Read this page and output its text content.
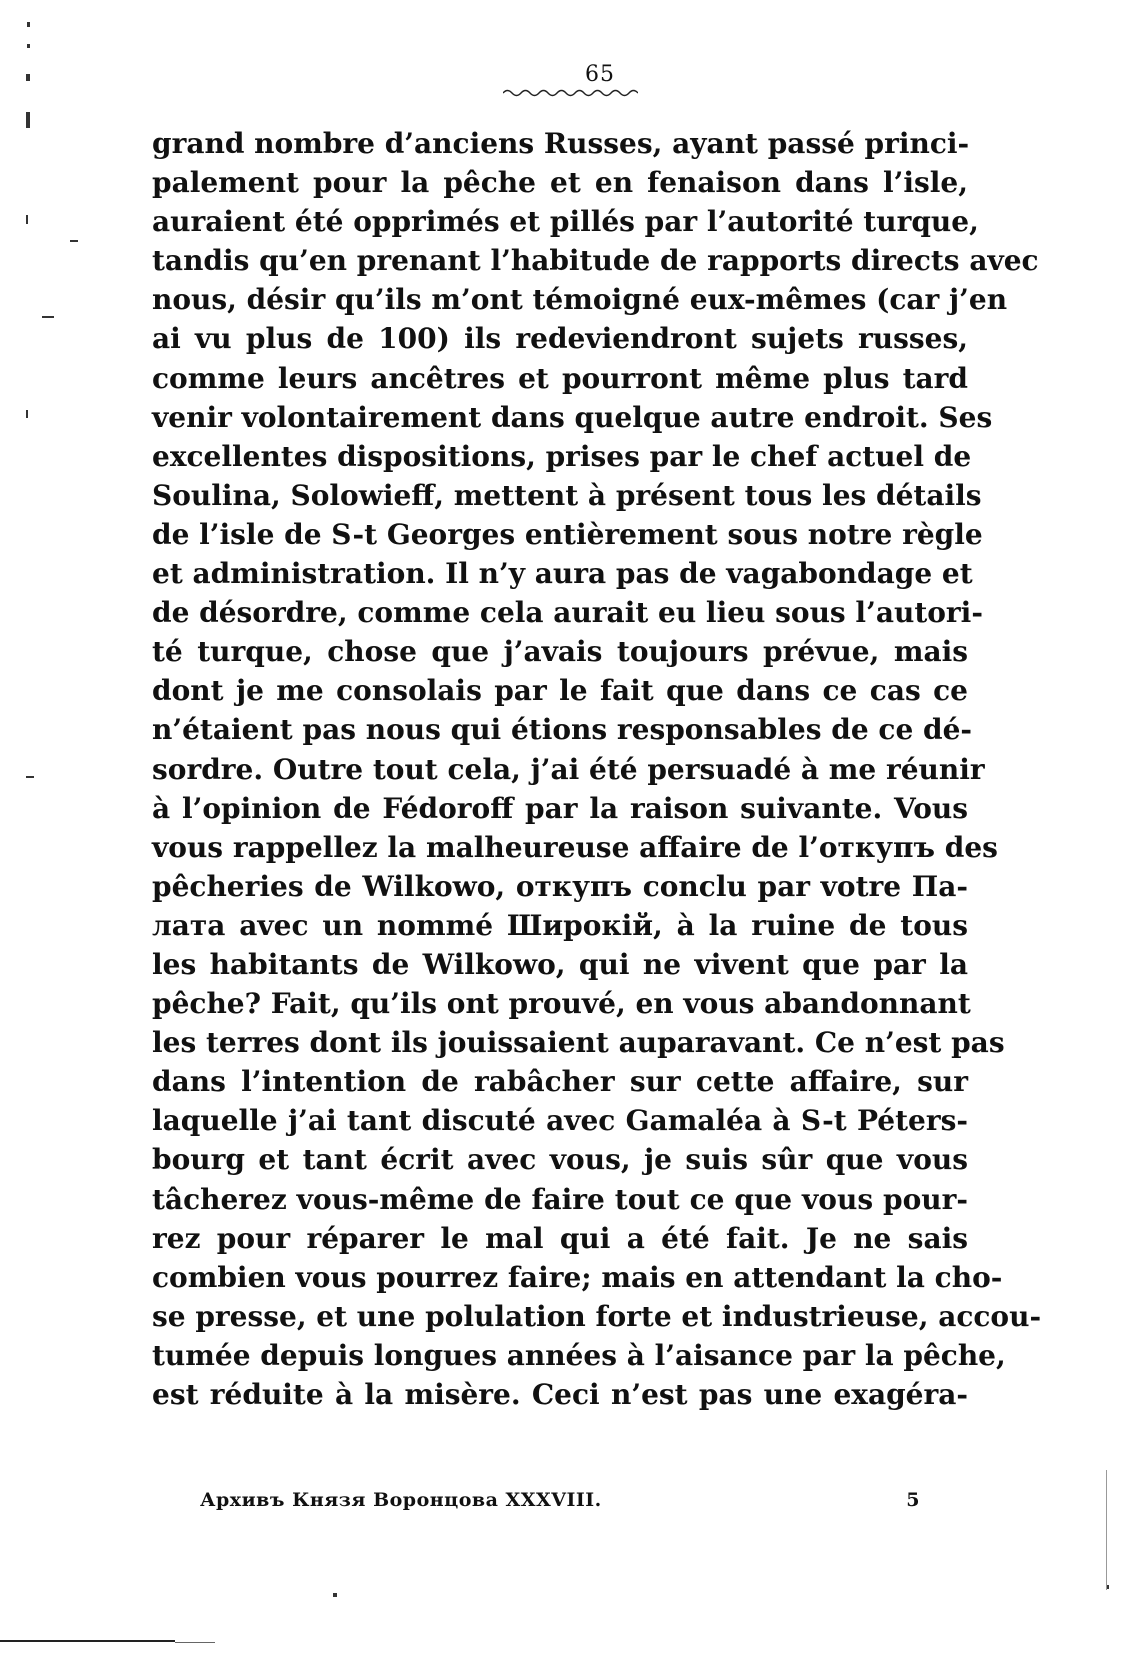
65
grand nombre d’anciens Russes, ayant passé princi-
palement pour la pêche et en fenaison dans l’isle,
auraient été opprimés et pillés par l’autorité turque,
tandis qu’en prenant l’habitude de rapports directs avec
nous, désir qu’ils m’ont témoigné eux-mêmes (car j’en
ai vu plus de 100) ils redeviendront sujets russes,
comme leurs ancêtres et pourront même plus tard
venir volontairement dans quelque autre endroit. Ses
excellentes dispositions, prises par le chef actuel de
Soulina, Solowieff, mettent à présent tous les détails
de l’isle de S-t Georges entièrement sous notre règle
et administration. Il n’y aura pas de vagabondage et
de désordre, comme cela aurait eu lieu sous l’autori-
té turque, chose que j’avais toujours prévue, mais
dont je me consolais par le fait que dans ce cas ce
n’étaient pas nous qui étions responsables de ce dé-
sordre. Outre tout cela, j’ai été persuadé à me réunir
à l’opinion de Fédoroff par la raison suivante. Vous
vous rappellez la malheureuse affaire de l’откупъ des
pêcheries de Wilkowo, откупъ conclu par votre Па-
лата avec un nommé Широкій, à la ruine de tous
les habitants de Wilkowo, qui ne vivent que par la
pêche? Fait, qu’ils ont prouvé, en vous abandonnant
les terres dont ils jouissaient auparavant. Ce n’est pas
dans l’intention de rabâcher sur cette affaire, sur
laquelle j’ai tant discuté avec Gamaléa à S-t Péters-
bourg et tant écrit avec vous, je suis sûr que vous
tâcherez vous-même de faire tout ce que vous pour-
rez pour réparer le mal qui a été fait. Je ne sais
combien vous pourrez faire; mais en attendant la cho-
se presse, et une polulation forte et industrieuse, accou-
tumée depuis longues années à l’aisance par la pêche,
est réduite à la misère. Ceci n’est pas une exagéra-
Архивъ Князя Воронцова XXXVIII.	5
